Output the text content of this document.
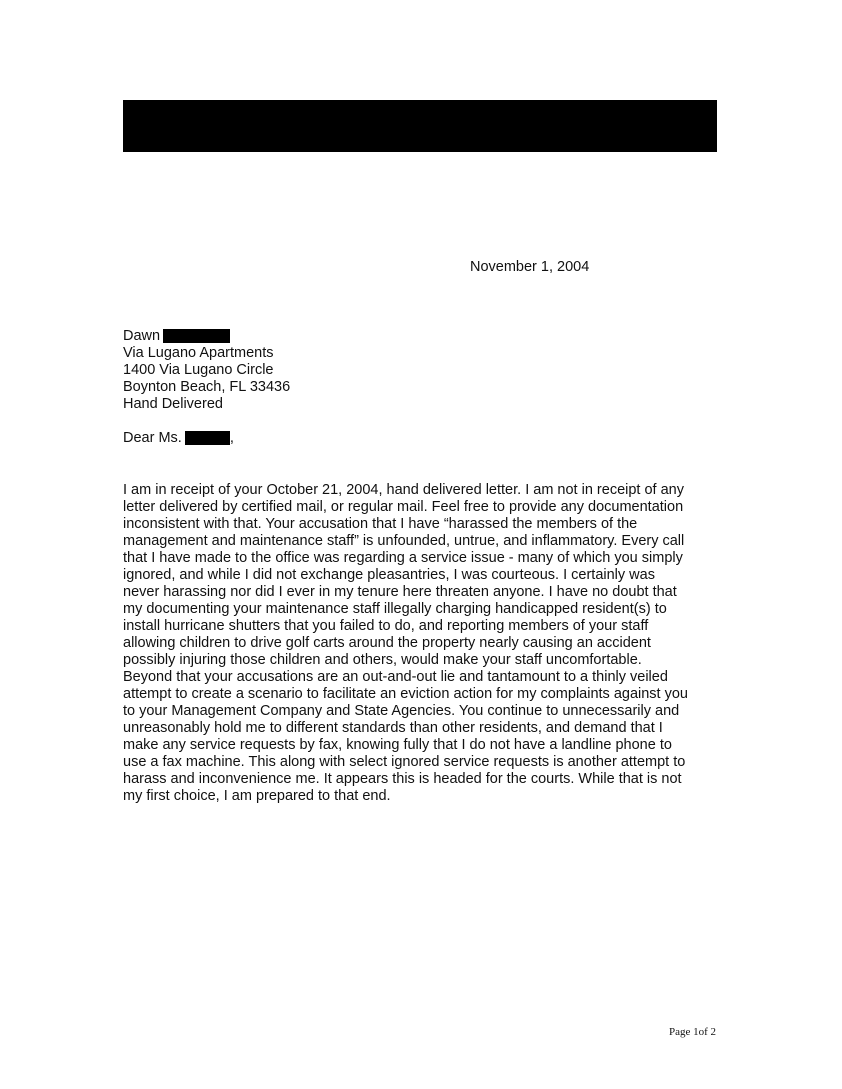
November 1, 2004
Dawn
Via Lugano Apartments
1400 Via Lugano Circle
Boynton Beach, FL 33436
Hand Delivered
Dear Ms.	,
I am in receipt of your October 21, 2004, hand delivered letter. I am not in receipt of any
letter delivered by certified mail, or regular mail. Feel free to provide any documentation
inconsistent with that. Your accusation that I have “harassed the members of the
management and maintenance staff” is unfounded, untrue, and inflammatory. Every call
that I have made to the office was regarding a service issue - many of which you simply
ignored, and while I did not exchange pleasantries, I was courteous. I certainly was
never harassing nor did I ever in my tenure here threaten anyone. I have no doubt that
my documenting your maintenance staff illegally charging handicapped resident(s) to
install hurricane shutters that you failed to do, and reporting members of your staff
allowing children to drive golf carts around the property nearly causing an accident
possibly injuring those children and others, would make your staff uncomfortable.
Beyond that your accusations are an out-and-out lie and tantamount to a thinly veiled
attempt to create a scenario to facilitate an eviction action for my complaints against you
to your Management Company and State Agencies. You continue to unnecessarily and
unreasonably hold me to different standards than other residents, and demand that I
make any service requests by fax, knowing fully that I do not have a landline phone to
use a fax machine. This along with select ignored service requests is another attempt to
harass and inconvenience me. It appears this is headed for the courts. While that is not
my first choice, I am prepared to that end.
Page 1of 2
